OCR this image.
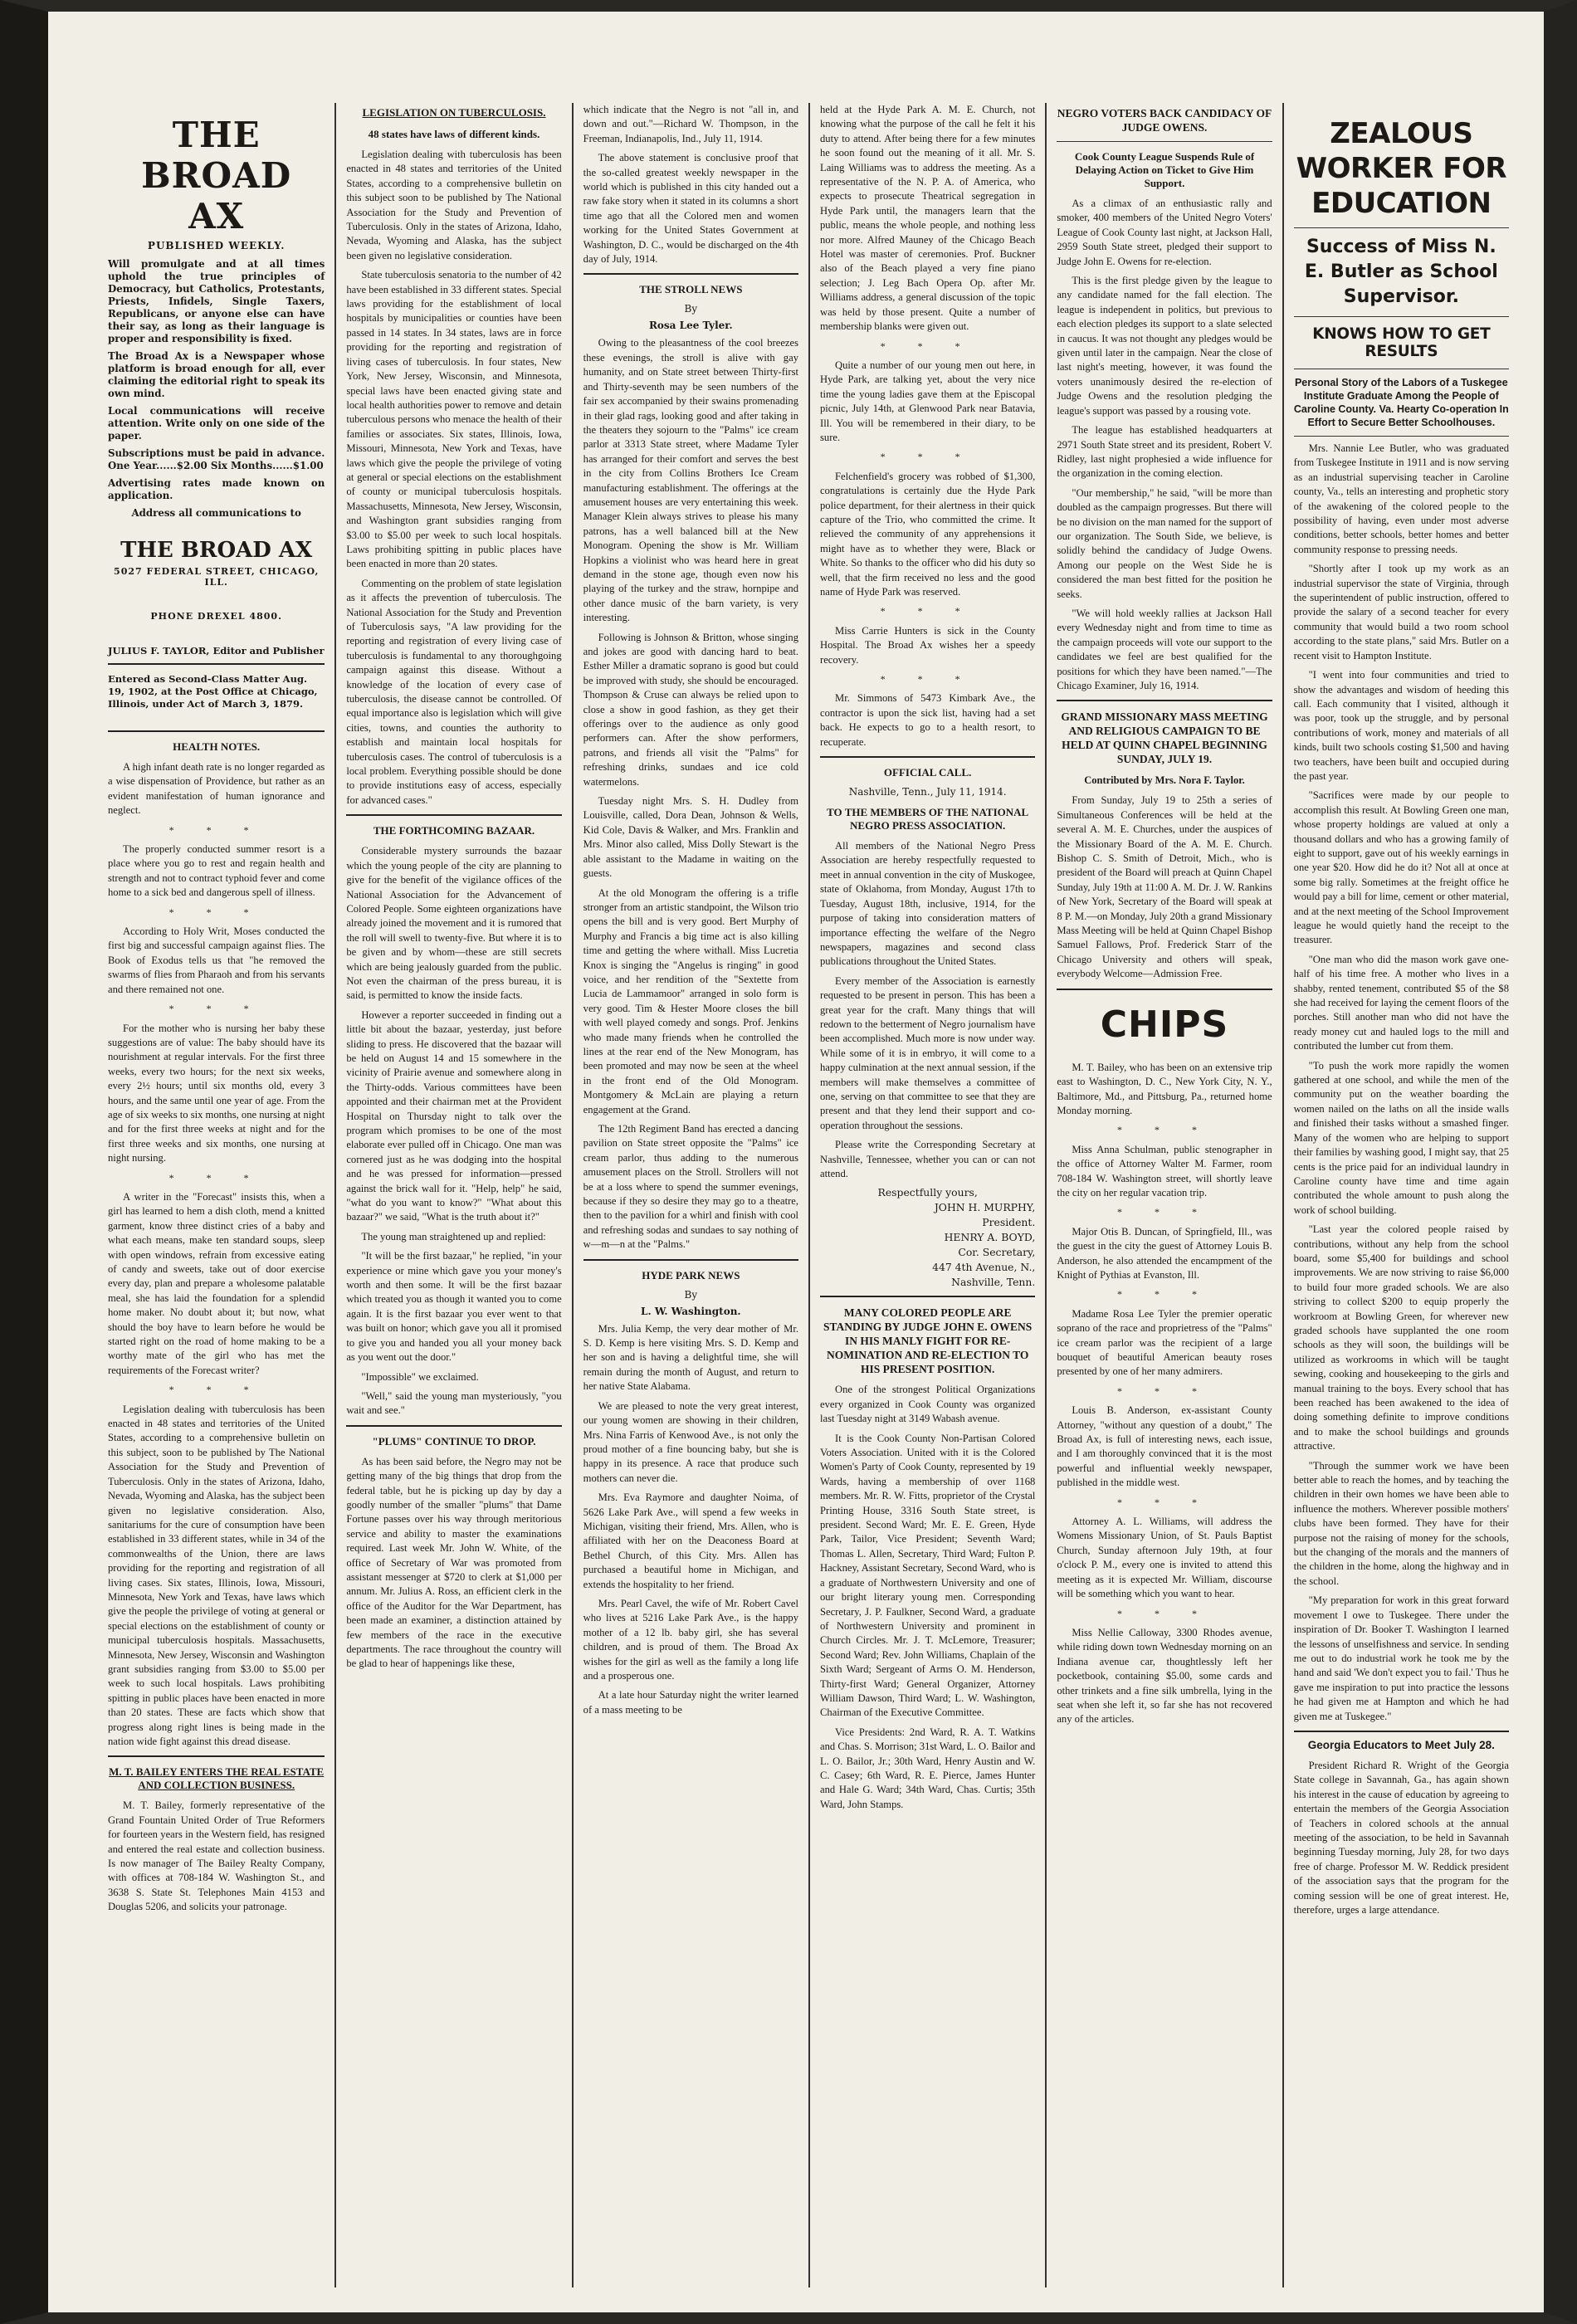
THE BROAD AX
PUBLISHED WEEKLY.
Will promulgate and at all times uphold the true principles of Democracy, but Catholics, Protestants, Priests, Infidels, Single Taxers, Republicans, or anyone else can have their say, as long as their language is proper and responsibility is fixed.
The Broad Ax is a Newspaper whose platform is broad enough for all, ever claiming the editorial right to speak its own mind.
Local communications will receive attention. Write only on one side of the paper.
Subscriptions must be paid in advance. One Year......$2.00 Six Months......$1.00
Advertising rates made known on application.
Address all communications to
THE BROAD AX
5027 FEDERAL STREET, CHICAGO, ILL.
PHONE DREXEL 4800.
JULIUS F. TAYLOR, Editor and Publisher
Entered as Second-Class Matter Aug. 19, 1902, at the Post Office at Chicago, Illinois, under Act of March 3, 1879.
HEALTH NOTES.

A high infant death rate is no longer regarded as a wise dispensation of Providence, but rather as an evident manifestation of human ignorance and neglect.

* * *

The properly conducted summer resort is a place where you go to rest and regain health and strength and not to contract typhoid fever and come home to a sick bed and dangerous spell of illness.

* * *

According to Holy Writ, Moses conducted the first big and successful campaign against flies. The Book of Exodus tells us that "he removed the swarms of flies from Pharaoh and from his servants and there remained not one.

* * *

For the mother who is nursing her baby these suggestions are of value: The baby should have its nourishment at regular intervals. For the first three weeks, every two hours; for the next six weeks, every 2½ hours; until six months old, every 3 hours, and the same until one year of age. From the age of six weeks to six months, one nursing at night and for the first three weeks at night and for the first three weeks and six months, one nursing at night nursing.

* * *

A writer in the "Forecast" insists this, when a girl has learned to hem a dish cloth, mend a knitted garment, know three distinct cries of a baby and what each means, make ten standard soups, sleep with open windows, refrain from excessive eating of candy and sweets, take out of door exercise every day, plan and prepare a wholesome palatable meal, she has laid the foundation for a splendid home maker. No doubt about it; but now, what should the boy have to learn before he would be started right on the road of home making to be a worthy mate of the girl who has met the requirements of the Forecast writer?

* * *

Legislation dealing with tuberculosis has been enacted in 48 states and territories of the United States, according to a comprehensive bulletin on this subject, soon to be published by The National Association for the Study and Prevention of Tuberculosis. Only in the states of Arizona, Idaho, Nevada, Wyoming and Alaska, has the subject been given no legislative consideration. Also, sanitariums for the cure of consumption have been established in 33 different states, while in 34 of the commonwealths of the Union, there are laws providing for the reporting and registration of all living cases. Six states, Illinois, Iowa, Missouri, Minnesota, New York and Texas, have laws which give the people the privilege of voting at general or special elections on the establishment of county or municipal tuberculosis hospitals. Massachusetts, Minnesota, New Jersey, Wisconsin and Washington grant subsidies ranging from $3.00 to $5.00 per week to such local hospitals. Laws prohibiting spitting in public places have been enacted in more than 20 states. These are facts which show that progress along right lines is being made in the nation wide fight against this dread disease.

M. T. BAILEY ENTERS THE REAL ESTATE AND COLLECTION BUSINESS.

M. T. Bailey, formerly representative of the Grand Fountain United Order of True Reformers for fourteen years in the Western field, has resigned and entered the real estate and collection business. Is now manager of The Bailey Realty Company, with offices at 708-184 W. Washington St., and 3638 S. State St. Telephones Main 4153 and Douglas 5206, and solicits your patronage.

LEGISLATION ON TUBERCULOSIS.
48 states have laws of different kinds.

Legislation dealing with tuberculosis has been enacted in 48 states and territories of the United States, according to a comprehensive bulletin on this subject soon to be published by The National Association for the Study and Prevention of Tuberculosis. Only in the states of Arizona, Idaho, Nevada, Wyoming and Alaska, has the subject been given no legislative consideration.

State tuberculosis senatoria to the number of 42 have been established in 33 different states. Special laws providing for the establishment of local hospitals by municipalities or counties have been passed in 14 states. In 34 states, laws are in force providing for the reporting and registration of living cases of tuberculosis. In four states, New York, New Jersey, Wisconsin, and Minnesota, special laws have been enacted giving state and local health authorities power to remove and detain tuberculous persons who menace the health of their families or associates. Six states, Illinois, Iowa, Missouri, Minnesota, New York and Texas, have laws which give the people the privilege of voting at general or special elections on the establishment of county or municipal tuberculosis hospitals. Massachusetts, Minnesota, New Jersey, Wisconsin, and Washington grant subsidies ranging from $3.00 to $5.00 per week to such local hospitals. Laws prohibiting spitting in public places have been enacted in more than 20 states.

Commenting on the problem of state legislation as it affects the prevention of tuberculosis. The National Association for the Study and Prevention of Tuberculosis says, "A law providing for the reporting and registration of every living case of tuberculosis is fundamental to any thoroughgoing campaign against this disease. Without a knowledge of the location of every case of tuberculosis, the disease cannot be controlled. Of equal importance also is legislation which will give cities, towns, and counties the authority to establish and maintain local hospitals for tuberculosis cases. The control of tuberculosis is a local problem. Everything possible should be done to provide institutions easy of access, especially for advanced cases."

THE FORTHCOMING BAZAAR.

Considerable mystery surrounds the bazaar which the young people of the city are planning to give for the benefit of the vigilance offices of the National Association for the Advancement of Colored People. Some eighteen organizations have already joined the movement and it is rumored that the roll will swell to twenty-five. But where it is to be given and by whom—these are still secrets which are being jealously guarded from the public. Not even the chairman of the press bureau, it is said, is permitted to know the inside facts.

However a reporter succeeded in finding out a little bit about the bazaar, yesterday, just before sliding to press. He discovered that the bazaar will be held on August 14 and 15 somewhere in the vicinity of Prairie avenue and somewhere along in the Thirty-odds. Various committees have been appointed and their chairman met at the Provident Hospital on Thursday night to talk over the program which promises to be one of the most elaborate ever pulled off in Chicago. One man was cornered just as he was dodging into the hospital and he was pressed for information—pressed against the brick wall for it. "Help, help" he said, "what do you want to know?" "What about this bazaar?" we said, "What is the truth about it?"

The young man straightened up and replied:

"It will be the first bazaar," he replied, "in your experience or mine which gave you your money's worth and then some. It will be the first bazaar which treated you as though it wanted you to come again. It is the first bazaar you ever went to that was built on honor; which gave you all it promised to give you and handed you all your money back as you went out the door."

"Impossible" we exclaimed.

"Well," said the young man mysteriously, "you wait and see."

"PLUMS" CONTINUE TO DROP.

As has been said before, the Negro may not be getting many of the big things that drop from the federal table, but he is picking up day by day a goodly number of the smaller "plums" that Dame Fortune passes over his way through meritorious service and ability to master the examinations required. Last week Mr. John W. White, of the office of Secretary of War was promoted from assistant messenger at $720 to clerk at $1,000 per annum. Mr. Julius A. Ross, an efficient clerk in the office of the Auditor for the War Department, has been made an examiner, a distinction attained by few members of the race in the executive departments. The race throughout the country will be glad to hear of happenings like these,

which indicate that the Negro is not "all in, and down and out."—Richard W. Thompson, in the Freeman, Indianapolis, Ind., July 11, 1914.

The above statement is conclusive proof that the so-called greatest weekly newspaper in the world which is published in this city handed out a raw fake story when it stated in its columns a short time ago that all the Colored men and women working for the United States Government at Washington, D. C., would be discharged on the 4th day of July, 1914.

THE STROLL NEWS
By
Rosa Lee Tyler.

Owing to the pleasantness of the cool breezes these evenings, the stroll is alive with gay humanity, and on State street between Thirty-first and Thirty-seventh may be seen numbers of the fair sex accompanied by their swains promenading in their glad rags, looking good and after taking in the theaters they sojourn to the "Palms" ice cream parlor at 3313 State street, where Madame Tyler has arranged for their comfort and serves the best in the city from Collins Brothers Ice Cream manufacturing establishment. The offerings at the amusement houses are very entertaining this week. Manager Klein always strives to please his many patrons, has a well balanced bill at the New Monogram. Opening the show is Mr. William Hopkins a violinist who was heard here in great demand in the stone age, though even now his playing of the turkey and the straw, hornpipe and other dance music of the barn variety, is very interesting.

Following is Johnson & Britton, whose singing and jokes are good with dancing hard to beat. Esther Miller a dramatic soprano is good but could be improved with study, she should be encouraged. Thompson & Cruse can always be relied upon to close a show in good fashion, as they get their offerings over to the audience as only good performers can. After the show performers, patrons, and friends all visit the "Palms" for refreshing drinks, sundaes and ice cold watermelons.

Tuesday night Mrs. S. H. Dudley from Louisville, called, Dora Dean, Johnson & Wells, Kid Cole, Davis & Walker, and Mrs. Franklin and Mrs. Minor also called, Miss Dolly Stewart is the able assistant to the Madame in waiting on the guests.

At the old Monogram the offering is a trifle stronger from an artistic standpoint, the Wilson trio opens the bill and is very good. Bert Murphy of Murphy and Francis a big time act is also killing time and getting the where withall. Miss Lucretia Knox is singing the "Angelus is ringing" in good voice, and her rendition of the "Sextette from Lucia de Lammamoor" arranged in solo form is very good. Tim & Hester Moore closes the bill with well played comedy and songs. Prof. Jenkins who made many friends when he controlled the lines at the rear end of the New Monogram, has been promoted and may now be seen at the wheel in the front end of the Old Monogram. Montgomery & McLain are playing a return engagement at the Grand.

The 12th Regiment Band has erected a dancing pavilion on State street opposite the "Palms" ice cream parlor, thus adding to the numerous amusement places on the Stroll. Strollers will not be at a loss where to spend the summer evenings, because if they so desire they may go to a theatre, then to the pavilion for a whirl and finish with cool and refreshing sodas and sundaes to say nothing of w—m—n at the "Palms."

HYDE PARK NEWS
By
L. W. Washington.

Mrs. Julia Kemp, the very dear mother of Mr. S. D. Kemp is here visiting Mrs. S. D. Kemp and her son and is having a delightful time, she will remain during the month of August, and return to her native State Alabama.

We are pleased to note the very great interest, our young women are showing in their children, Mrs. Nina Farris of Kenwood Ave., is not only the proud mother of a fine bouncing baby, but she is happy in its presence. A race that produce such mothers can never die.

Mrs. Eva Raymore and daughter Noima, of 5626 Lake Park Ave., will spend a few weeks in Michigan, visiting their friend, Mrs. Allen, who is affiliated with her on the Deaconess Board at Bethel Church, of this City. Mrs. Allen has purchased a beautiful home in Michigan, and extends the hospitality to her friend.

Mrs. Pearl Cavel, the wife of Mr. Robert Cavel who lives at 5216 Lake Park Ave., is the happy mother of a 12 lb. baby girl, she has several children, and is proud of them. The Broad Ax wishes for the girl as well as the family a long life and a prosperous one.

At a late hour Saturday night the writer learned of a mass meeting to be

held at the Hyde Park A. M. E. Church, not knowing what the purpose of the call he felt it his duty to attend. After being there for a few minutes he soon found out the meaning of it all. Mr. S. Laing Williams was to address the meeting. As a representative of the N. P. A. of America, who expects to prosecute Theatrical segregation in Hyde Park until, the managers learn that the public, means the whole people, and nothing less nor more. Alfred Mauney of the Chicago Beach Hotel was master of ceremonies. Prof. Buckner also of the Beach played a very fine piano selection; J. Leg Bach Opera Op. after Mr. Williams address, a general discussion of the topic was held by those present. Quite a number of membership blanks were given out.

* * *

Quite a number of our young men out here, in Hyde Park, are talking yet, about the very nice time the young ladies gave them at the Episcopal picnic, July 14th, at Glenwood Park near Batavia, Ill. You will be remembered in their diary, to be sure.

* * *

Felchenfield's grocery was robbed of $1,300, congratulations is certainly due the Hyde Park police department, for their alertness in their quick capture of the Trio, who committed the crime. It relieved the community of any apprehensions it might have as to whether they were, Black or White. So thanks to the officer who did his duty so well, that the firm received no less and the good name of Hyde Park was reserved.

* * *

Miss Carrie Hunters is sick in the County Hospital. The Broad Ax wishes her a speedy recovery.

* * *

Mr. Simmons of 5473 Kimbark Ave., the contractor is upon the sick list, having had a set back. He expects to go to a health resort, to recuperate.

OFFICIAL CALL.
Nashville, Tenn., July 11, 1914.
TO THE MEMBERS OF THE NATIONAL NEGRO PRESS ASSOCIATION.

All members of the National Negro Press Association are hereby respectfully requested to meet in annual convention in the city of Muskogee, state of Oklahoma, from Monday, August 17th to Tuesday, August 18th, inclusive, 1914, for the purpose of taking into consideration matters of importance effecting the welfare of the Negro newspapers, magazines and second class publications throughout the United States.

Every member of the Association is earnestly requested to be present in person. This has been a great year for the craft. Many things that will redown to the betterment of Negro journalism have been accomplished. Much more is now under way. While some of it is in embryo, it will come to a happy culmination at the next annual session, if the members will make themselves a committee of one, serving on that committee to see that they are present and that they lend their support and co-operation throughout the sessions.

Please write the Corresponding Secretary at Nashville, Tennessee, whether you can or can not attend.

Respectfully yours,
JOHN H. MURPHY,
President.
HENRY A. BOYD,
Cor. Secretary,
447 4th Avenue, N.,
Nashville, Tenn.
MANY COLORED PEOPLE ARE STANDING BY JUDGE JOHN E. OWENS IN HIS MANLY FIGHT FOR RE-NOMINATION AND RE-ELECTION TO HIS PRESENT POSITION.

One of the strongest Political Organizations every organized in Cook County was organized last Tuesday night at 3149 Wabash avenue.

It is the Cook County Non-Partisan Colored Voters Association. United with it is the Colored Women's Party of Cook County, represented by 19 Wards, having a membership of over 1168 members. Mr. R. W. Fitts, proprietor of the Crystal Printing House, 3316 South State street, is president. Second Ward; Mr. E. E. Green, Hyde Park, Tailor, Vice President; Seventh Ward; Thomas L. Allen, Secretary, Third Ward; Fulton P. Hackney, Assistant Secretary, Second Ward, who is a graduate of Northwestern University and one of our bright literary young men. Corresponding Secretary, J. P. Faulkner, Second Ward, a graduate of Northwestern University and prominent in Church Circles. Mr. J. T. McLemore, Treasurer; Second Ward; Rev. John Williams, Chaplain of the Sixth Ward; Sergeant of Arms O. M. Henderson, Thirty-first Ward; General Organizer, Attorney William Dawson, Third Ward; L. W. Washington, Chairman of the Executive Committee.

Vice Presidents: 2nd Ward, R. A. T. Watkins and Chas. S. Morrison; 31st Ward, L. O. Bailor and L. O. Bailor, Jr.; 30th Ward, Henry Austin and W. C. Casey; 6th Ward, R. E. Pierce, James Hunter and Hale G. Ward; 34th Ward, Chas. Curtis; 35th Ward, John Stamps.

NEGRO VOTERS BACK CANDIDACY OF JUDGE OWENS.
Cook County League Suspends Rule of Delaying Action on Ticket to Give Him Support.

As a climax of an enthusiastic rally and smoker, 400 members of the United Negro Voters' League of Cook County last night, at Jackson Hall, 2959 South State street, pledged their support to Judge John E. Owens for re-election.

This is the first pledge given by the league to any candidate named for the fall election. The league is independent in politics, but previous to each election pledges its support to a slate selected in caucus. It was not thought any pledges would be given until later in the campaign. Near the close of last night's meeting, however, it was found the voters unanimously desired the re-election of Judge Owens and the resolution pledging the league's support was passed by a rousing vote.

The league has established headquarters at 2971 South State street and its president, Robert V. Ridley, last night prophesied a wide influence for the organization in the coming election.

"Our membership," he said, "will be more than doubled as the campaign progresses. But there will be no division on the man named for the support of our organization. The South Side, we believe, is solidly behind the candidacy of Judge Owens. Among our people on the West Side he is considered the man best fitted for the position he seeks.

"We will hold weekly rallies at Jackson Hall every Wednesday night and from time to time as the campaign proceeds will vote our support to the candidates we feel are best qualified for the positions for which they have been named."—The Chicago Examiner, July 16, 1914.

GRAND MISSIONARY MASS MEETING AND RELIGIOUS CAMPAIGN TO BE HELD AT QUINN CHAPEL BEGINNING SUNDAY, JULY 19.
Contributed by Mrs. Nora F. Taylor.

From Sunday, July 19 to 25th a series of Simultaneous Conferences will be held at the several A. M. E. Churches, under the auspices of the Missionary Board of the A. M. E. Church. Bishop C. S. Smith of Detroit, Mich., who is president of the Board will preach at Quinn Chapel Sunday, July 19th at 11:00 A. M. Dr. J. W. Rankins of New York, Secretary of the Board will speak at 8 P. M.—on Monday, July 20th a grand Missionary Mass Meeting will be held at Quinn Chapel Bishop Samuel Fallows, Prof. Frederick Starr of the Chicago University and others will speak, everybody Welcome—Admission Free.

CHIPS

M. T. Bailey, who has been on an extensive trip east to Washington, D. C., New York City, N. Y., Baltimore, Md., and Pittsburg, Pa., returned home Monday morning.

* * *

Miss Anna Schulman, public stenographer in the office of Attorney Walter M. Farmer, room 708-184 W. Washington street, will shortly leave the city on her regular vacation trip.

* * *

Major Otis B. Duncan, of Springfield, Ill., was the guest in the city the guest of Attorney Louis B. Anderson, he also attended the encampment of the Knight of Pythias at Evanston, Ill.

* * *

Madame Rosa Lee Tyler the premier operatic soprano of the race and proprietress of the "Palms" ice cream parlor was the recipient of a large bouquet of beautiful American beauty roses presented by one of her many admirers.

* * *

Louis B. Anderson, ex-assistant County Attorney, "without any question of a doubt," The Broad Ax, is full of interesting news, each issue, and I am thoroughly convinced that it is the most powerful and influential weekly newspaper, published in the middle west.

* * *

Attorney A. L. Williams, will address the Womens Missionary Union, of St. Pauls Baptist Church, Sunday afternoon July 19th, at four o'clock P. M., every one is invited to attend this meeting as it is expected Mr. William, discourse will be something which you want to hear.

* * *

Miss Nellie Calloway, 3300 Rhodes avenue, while riding down town Wednesday morning on an Indiana avenue car, thoughtlessly left her pocketbook, containing $5.00, some cards and other trinkets and a fine silk umbrella, lying in the seat when she left it, so far she has not recovered any of the articles.

ZEALOUS WORKER FOR EDUCATION
Success of Miss N. E. Butler as School Supervisor.
KNOWS HOW TO GET RESULTS
Personal Story of the Labors of a Tuskegee Institute Graduate Among the People of Caroline County. Va. Hearty Co-operation In Effort to Secure Better Schoolhouses.

Mrs. Nannie Lee Butler, who was graduated from Tuskegee Institute in 1911 and is now serving as an industrial supervising teacher in Caroline county, Va., tells an interesting and prophetic story of the awakening of the colored people to the possibility of having, even under most adverse conditions, better schools, better homes and better community response to pressing needs.

"Shortly after I took up my work as an industrial supervisor the state of Virginia, through the superintendent of public instruction, offered to provide the salary of a second teacher for every community that would build a two room school according to the state plans," said Mrs. Butler on a recent visit to Hampton Institute.

"I went into four communities and tried to show the advantages and wisdom of heeding this call. Each community that I visited, although it was poor, took up the struggle, and by personal contributions of work, money and materials of all kinds, built two schools costing $1,500 and having two teachers, have been built and occupied during the past year.

"Sacrifices were made by our people to accomplish this result. At Bowling Green one man, whose property holdings are valued at only a thousand dollars and who has a growing family of eight to support, gave out of his weekly earnings in one year $20. How did he do it? Not all at once at some big rally. Sometimes at the freight office he would pay a bill for lime, cement or other material, and at the next meeting of the School Improvement league he would quietly hand the receipt to the treasurer.

"One man who did the mason work gave one-half of his time free. A mother who lives in a shabby, rented tenement, contributed $5 of the $8 she had received for laying the cement floors of the porches. Still another man who did not have the ready money cut and hauled logs to the mill and contributed the lumber cut from them.

"To push the work more rapidly the women gathered at one school, and while the men of the community put on the weather boarding the women nailed on the laths on all the inside walls and finished their tasks without a smashed finger. Many of the women who are helping to support their families by washing good, I might say, that 25 cents is the price paid for an individual laundry in Caroline county have time and time again contributed the whole amount to push along the work of school building.

"Last year the colored people raised by contributions, without any help from the school board, some $5,400 for buildings and school improvements. We are now striving to raise $6,000 to build four more graded schools. We are also striving to collect $200 to equip properly the workroom at Bowling Green, for wherever new graded schools have supplanted the one room schools as they will soon, the buildings will be utilized as workrooms in which will be taught sewing, cooking and housekeeping to the girls and manual training to the boys. Every school that has been reached has been awakened to the idea of doing something definite to improve conditions and to make the school buildings and grounds attractive.

"Through the summer work we have been better able to reach the homes, and by teaching the children in their own homes we have been able to influence the mothers. Wherever possible mothers' clubs have been formed. They have for their purpose not the raising of money for the schools, but the changing of the morals and the manners of the children in the home, along the highway and in the school.

"My preparation for work in this great forward movement I owe to Tuskegee. There under the inspiration of Dr. Booker T. Washington I learned the lessons of unselfishness and service. In sending me out to do industrial work he took me by the hand and said 'We don't expect you to fail.' Thus he gave me inspiration to put into practice the lessons he had given me at Hampton and which he had given me at Tuskegee."

Georgia Educators to Meet July 28.

President Richard R. Wright of the Georgia State college in Savannah, Ga., has again shown his interest in the cause of education by agreeing to entertain the members of the Georgia Association of Teachers in colored schools at the annual meeting of the association, to be held in Savannah beginning Tuesday morning, July 28, for two days free of charge. Professor M. W. Reddick president of the association says that the program for the coming session will be one of great interest. He, therefore, urges a large attendance.
